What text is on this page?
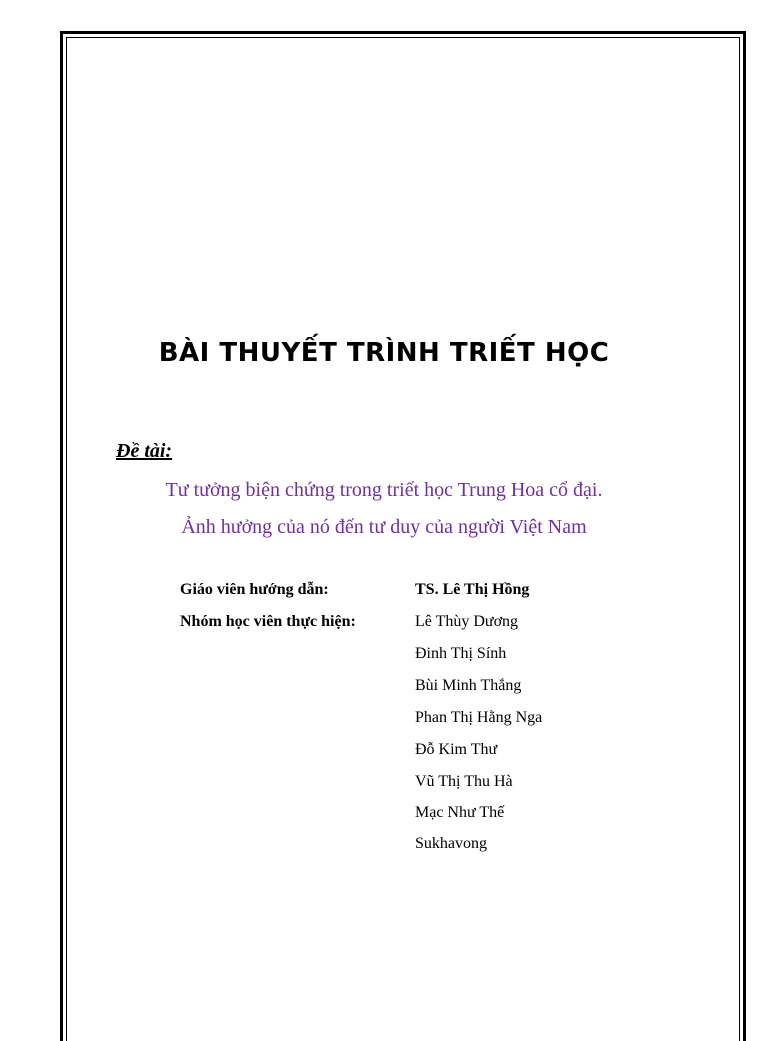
BÀI THUYẾT TRÌNH TRIẾT HỌC
Đề tài:
Tư tưởng biện chứng trong triết học Trung Hoa cổ đại.
Ảnh hưởng của nó đến tư duy của người Việt Nam
Giáo viên hướng dẫn:	TS. Lê Thị Hồng
Nhóm học viên thực hiện:	Lê Thùy Dương
Đinh Thị Sính
Bùi Minh Thắng
Phan Thị Hằng Nga
Đỗ Kim Thư
Vũ Thị Thu Hà
Mạc Như Thế
Sukhavong
